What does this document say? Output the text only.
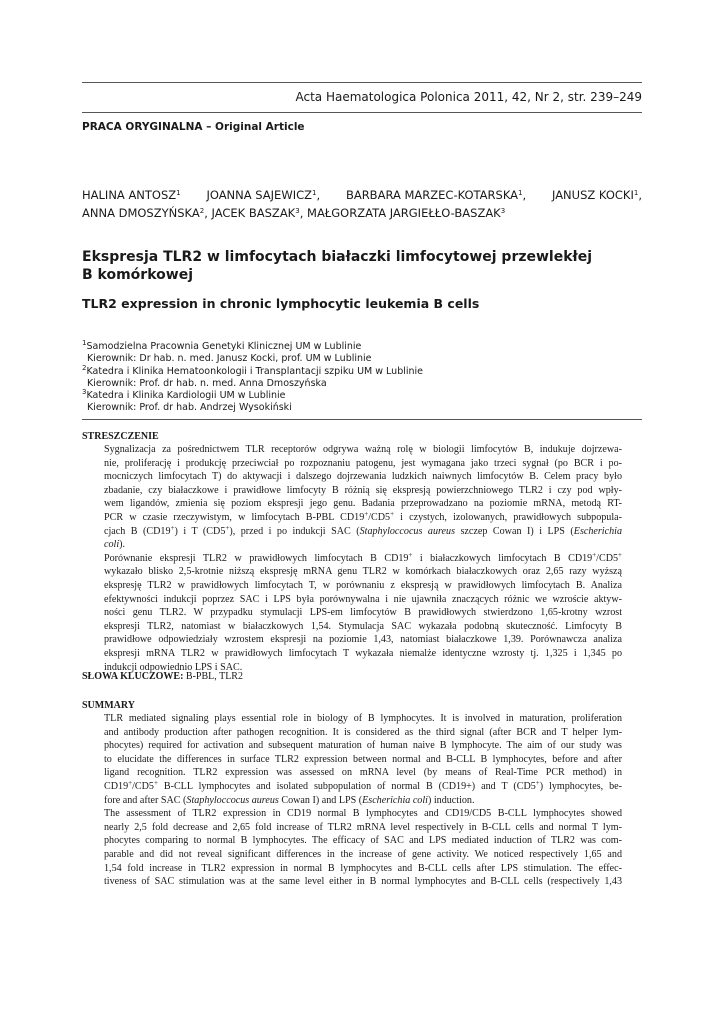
Acta Haematologica Polonica 2011, 42, Nr 2, str. 239–249
PRACA ORYGINALNA – Original Article
HALINA ANTOSZ$^1$ JOANNA SAJEWICZ$^1$, BARBARA MARZEC-KOTARSKA$^1$, JANUSZ KOCKI$^1$,
ANNA DMOSZYŃSKA$^2$, JACEK BASZAK$^3$, MAŁGORZATA JARGIEŁŁO-BASZAK$^3$
Ekspresja TLR2 w limfocytach białaczki limfocytowej przewlekłej
B komórkowej
TLR2 expression in chronic lymphocytic leukemia B cells
$^1$Samodzielna Pracownia Genetyki Klinicznej UM w Lublinie
Kierownik: Dr hab. n. med. Janusz Kocki, prof. UM w Lublinie
$^2$Katedra i Klinika Hematoonkologii i Transplantacji szpiku UM w Lublinie
Kierownik: Prof. dr hab. n. med. Anna Dmoszyńska
$^3$Katedra i Klinika Kardiologii UM w Lublinie
Kierownik: Prof. dr hab. Andrzej Wysokiński
STRESZCZENIE
Sygnalizacja za pośrednictwem TLR receptorów odgrywa ważną rolę w biologii limfocytów B, indukuje dojrzewa-
nie, proliferację i produkcję przeciwciał po rozpoznaniu patogenu, jest wymagana jako trzeci sygnał (po BCR i po-
mocniczych limfocytach T) do aktywacji i dalszego dojrzewania ludzkich naiwnych limfocytów B. Celem pracy było
zbadanie, czy białaczkowe i prawidłowe limfocyty B różnią się ekspresją powierzchniowego TLR2 i czy pod wpły-
wem ligandów, zmienia się poziom ekspresji jego genu. Badania przeprowadzano na poziomie mRNA, metodą RT-
PCR w czasie rzeczywistym, w limfocytach B-PBL CD19+/CD5+ i czystych, izolowanych, prawidłowych subpopula-
cjach B (CD19+) i T (CD5+), przed i po indukcji SAC (Staphyloccocus aureus szczep Cowan I) i LPS (Escherichia
coli).
Porównanie ekspresji TLR2 w prawidłowych limfocytach B CD19+ i białaczkowych limfocytach B CD19+/CD5+
wykazało blisko 2,5-krotnie niższą ekspresję mRNA genu TLR2 w komórkach białaczkowych oraz 2,65 razy wyższą
ekspresję TLR2 w prawidłowych limfocytach T, w porównaniu z ekspresją w prawidłowych limfocytach B. Analiza
efektywności indukcji poprzez SAC i LPS była porównywalna i nie ujawniła znaczących różnic we wzroście aktyw-
ności genu TLR2. W przypadku stymulacji LPS-em limfocytów B prawidłowych stwierdzono 1,65-krotny wzrost
ekspresji TLR2, natomiast w białaczkowych 1,54. Stymulacja SAC wykazała podobną skuteczność. Limfocyty B
prawidłowe odpowiedziały wzrostem ekspresji na poziomie 1,43, natomiast białaczkowe 1,39. Porównawcza analiza
ekspresji mRNA TLR2 w prawidłowych limfocytach T wykazała niemalże identyczne wzrosty tj. 1,325 i 1,345 po
indukcji odpowiednio LPS i SAC.
SŁOWA KLUCZOWE: B-PBL, TLR2
SUMMARY
TLR mediated signaling plays essential role in biology of B lymphocytes. It is involved in maturation, proliferation
and antibody production after pathogen recognition. It is considered as the third signal (after BCR and T helper lym-
phocytes) required for activation and subsequent maturation of human naive B lymphocyte. The aim of our study was
to elucidate the differences in surface TLR2 expression between normal and B-CLL B lymphocytes, before and after
ligand recognition. TLR2 expression was assessed on mRNA level (by means of Real-Time PCR method) in
CD19+/CD5+ B-CLL lymphocytes and isolated subpopulation of normal B (CD19+) and T (CD5+) lymphocytes, be-
fore and after SAC (Staphyloccocus aureus Cowan I) and LPS (Escherichia coli) induction.
The assessment of TLR2 expression in CD19 normal B lymphocytes and CD19/CD5 B-CLL lymphocytes showed
nearly 2,5 fold decrease and 2,65 fold increase of TLR2 mRNA level respectively in B-CLL cells and normal T lym-
phocytes comparing to normal B lymphocytes. The efficacy of SAC and LPS mediated induction of TLR2 was com-
parable and did not reveal significant differences in the increase of gene activity. We noticed respectively 1,65 and
1,54 fold increase in TLR2 expression in normal B lymphocytes and B-CLL cells after LPS stimulation. The effec-
tiveness of SAC stimulation was at the same level either in B normal lymphocytes and B-CLL cells (respectively 1,43
